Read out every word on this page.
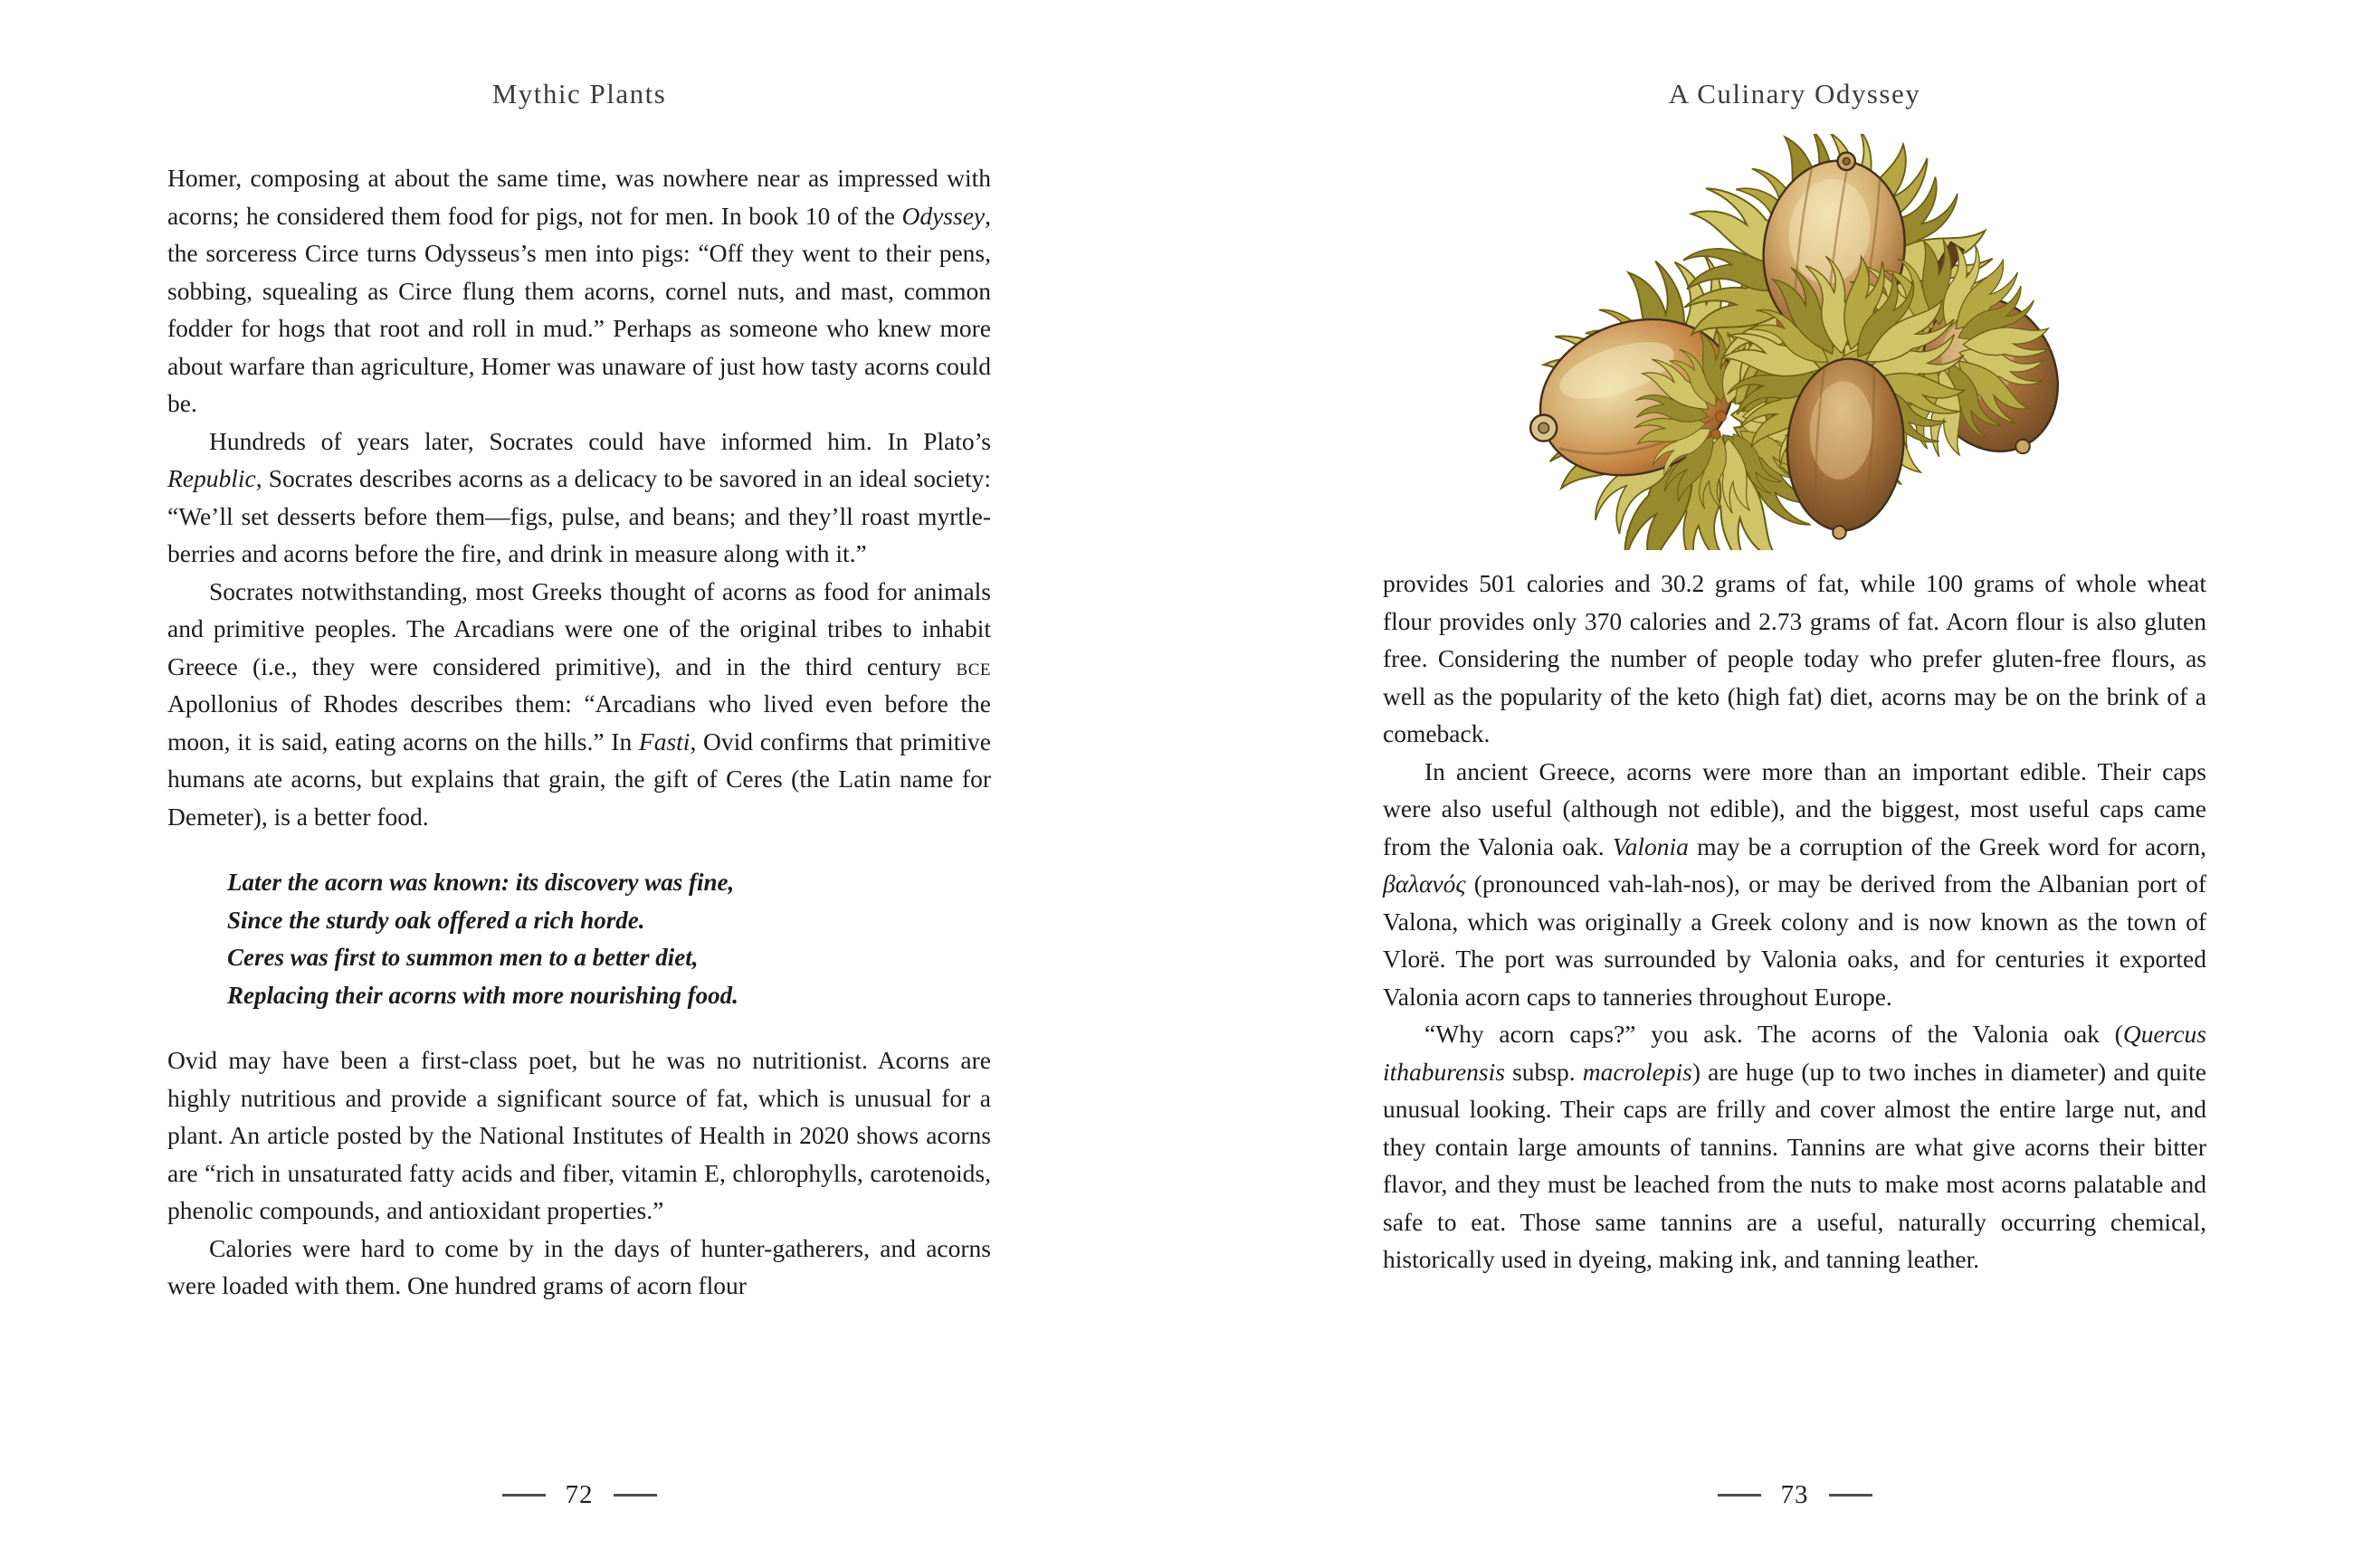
Mythic Plants

Homer, composing at about the same time, was nowhere near as impressed with acorns; he considered them food for pigs, not for men. In book 10 of the Odyssey, the sorceress Circe turns Odysseus’s men into pigs: “Off they went to their pens, sobbing, squealing as Circe flung them acorns, cornel nuts, and mast, common fodder for hogs that root and roll in mud.” Perhaps as someone who knew more about warfare than agriculture, Homer was unaware of just how tasty acorns could be.

Hundreds of years later, Socrates could have informed him. In Plato’s Republic, Socrates describes acorns as a delicacy to be savored in an ideal society: “We’ll set desserts before them—figs, pulse, and beans; and they’ll roast myrtle-berries and acorns before the fire, and drink in measure along with it.”

Socrates notwithstanding, most Greeks thought of acorns as food for animals and primitive peoples. The Arcadians were one of the original tribes to inhabit Greece (i.e., they were considered primitive), and in the third century BCE Apollonius of Rhodes describes them: “Arcadians who lived even before the moon, it is said, eating acorns on the hills.” In Fasti, Ovid confirms that primitive humans ate acorns, but explains that grain, the gift of Ceres (the Latin name for Demeter), is a better food.

Later the acorn was known: its discovery was fine,
Since the sturdy oak offered a rich horde.
Ceres was first to summon men to a better diet,
Replacing their acorns with more nourishing food.

Ovid may have been a first-class poet, but he was no nutritionist. Acorns are highly nutritious and provide a significant source of fat, which is unusual for a plant. An article posted by the National Institutes of Health in 2020 shows acorns are “rich in unsaturated fatty acids and fiber, vitamin E, chlorophylls, carotenoids, phenolic compounds, and antioxidant properties.”

Calories were hard to come by in the days of hunter-gatherers, and acorns were loaded with them. One hundred grams of acorn flour

72
A Culinary Odyssey

provides 501 calories and 30.2 grams of fat, while 100 grams of whole wheat flour provides only 370 calories and 2.73 grams of fat. Acorn flour is also gluten free. Considering the number of people today who prefer gluten-free flours, as well as the popularity of the keto (high fat) diet, acorns may be on the brink of a comeback.

In ancient Greece, acorns were more than an important edible. Their caps were also useful (although not edible), and the biggest, most useful caps came from the Valonia oak. Valonia may be a corruption of the Greek word for acorn, βαλανός (pronounced vah-lah-nos), or may be derived from the Albanian port of Valona, which was originally a Greek colony and is now known as the town of Vlorë. The port was surrounded by Valonia oaks, and for centuries it exported Valonia acorn caps to tanneries throughout Europe.

“Why acorn caps?” you ask. The acorns of the Valonia oak (Quercus ithaburensis subsp. macrolepis) are huge (up to two inches in diameter) and quite unusual looking. Their caps are frilly and cover almost the entire large nut, and they contain large amounts of tannins. Tannins are what give acorns their bitter flavor, and they must be leached from the nuts to make most acorns palatable and safe to eat. Those same tannins are a useful, naturally occurring chemical, historically used in dyeing, making ink, and tanning leather.

73
